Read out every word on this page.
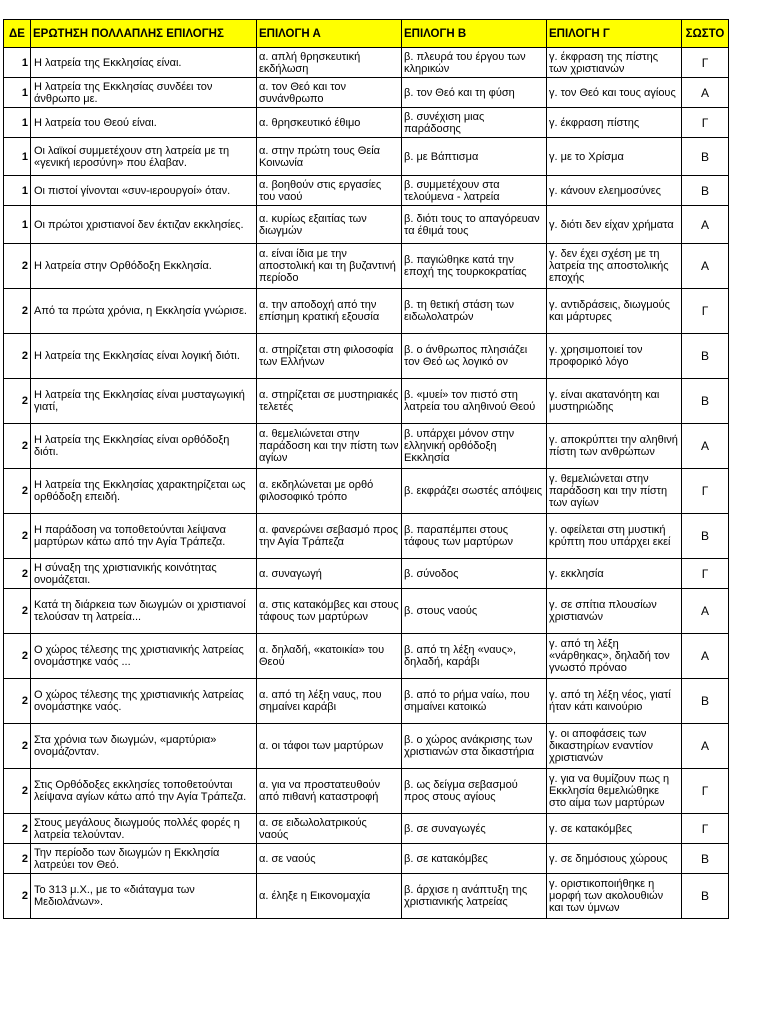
ΔΕ	ΕΡΩΤΗΣΗ ΠΟΛΛΑΠΛΗΣ ΕΠΙΛΟΓΗΣ	ΕΠΙΛΟΓΗ Α	ΕΠΙΛΟΓΗ Β	ΕΠΙΛΟΓΗ Γ	ΣΩΣΤΟ
1	Η λατρεία της Εκκλησίας είναι.	α. απλή θρησκευτική εκδήλωση	β. πλευρά του έργου των κληρικών	γ. έκφραση της πίστης των χριστιανών	Γ
1	Η λατρεία της Εκκλησίας συνδέει τον άνθρωπο με.	α. τον Θεό και τον συνάνθρωπο	β. τον Θεό και τη φύση	γ. τον Θεό και τους αγίους	Α
1	Η λατρεία του Θεού είναι.	α. θρησκευτικό έθιμο	β. συνέχιση μιας παράδοσης	γ. έκφραση πίστης	Γ
1	Οι λαϊκοί συμμετέχουν στη λατρεία με τη «γενική ιεροσύνη» που έλαβαν.	α. στην πρώτη τους Θεία Κοινωνία	β. με Βάπτισμα	γ. με το Χρίσμα	Β
1	Οι πιστοί γίνονται «συν-ιερουργοί» όταν.	α. βοηθούν στις εργασίες του ναού	β. συμμετέχουν στα τελούμενα - λατρεία	γ. κάνουν ελεημοσύνες	Β
1	Οι πρώτοι χριστιανοί δεν έκτιζαν εκκλησίες.	α. κυρίως εξαιτίας των διωγμών	β. διότι τους το απαγόρευαν τα έθιμά τους	γ. διότι δεν είχαν χρήματα	Α
2	Η λατρεία στην Ορθόδοξη Εκκλησία.	α. είναι ίδια με την αποστολική και τη βυζαντινή περίοδο	β. παγιώθηκε κατά την εποχή της τουρκοκρατίας	γ. δεν έχει σχέση με τη λατρεία της αποστολικής εποχής	Α
2	Από τα πρώτα χρόνια, η Εκκλησία γνώρισε.	α. την αποδοχή από την επίσημη κρατική εξουσία	β. τη θετική στάση των ειδωλολατρών	γ. αντιδράσεις, διωγμούς και μάρτυρες	Γ
2	Η λατρεία της Εκκλησίας είναι λογική διότι.	α. στηρίζεται στη φιλοσοφία των Ελλήνων	β. ο άνθρωπος πλησιάζει τον Θεό ως λογικό ον	γ. χρησιμοποιεί τον προφορικό λόγο	Β
2	Η λατρεία της Εκκλησίας είναι μυσταγωγική γιατί,	α. στηρίζεται σε μυστηριακές τελετές	β. «μυεί» τον πιστό στη λατρεία του αληθινού Θεού	γ. είναι ακατανόητη και μυστηριώδης	Β
2	Η λατρεία της Εκκλησίας είναι ορθόδοξη διότι.	α. θεμελιώνεται στην παράδοση και την πίστη των αγίων	β. υπάρχει μόνον στην ελληνική ορθόδοξη Εκκλησία	γ. αποκρύπτει την αληθινή πίστη των ανθρώπων	Α
2	Η λατρεία της Εκκλησίας χαρακτηρίζεται ως ορθόδοξη επειδή.	α. εκδηλώνεται με ορθό φιλοσοφικό τρόπο	β. εκφράζει σωστές απόψεις	γ. θεμελιώνεται στην παράδοση και την πίστη των αγίων	Γ
2	Η παράδοση να τοποθετούνται λείψανα μαρτύρων κάτω από την Αγία Τράπεζα.	α. φανερώνει σεβασμό προς την Αγία Τράπεζα	β. παραπέμπει στους τάφους των μαρτύρων	γ. οφείλεται στη μυστική κρύπτη που υπάρχει εκεί	Β
2	Η σύναξη της χριστιανικής κοινότητας ονομάζεται.	α. συναγωγή	β. σύνοδος	γ. εκκλησία	Γ
2	Κατά τη διάρκεια των διωγμών οι χριστιανοί τελούσαν τη λατρεία...	α. στις κατακόμβες και στους τάφους των μαρτύρων	β. στους ναούς	γ. σε σπίτια πλουσίων χριστιανών	Α
2	Ο χώρος τέλεσης της χριστιανικής λατρείας ονομάστηκε ναός ...	α. δηλαδή, «κατοικία» του Θεού	β. από τη λέξη «ναυς», δηλαδή, καράβι	γ. από τη λέξη «νάρθηκας», δηλαδή τον γνωστό πρόναο	Α
2	Ο χώρος τέλεσης της χριστιανικής λατρείας ονομάστηκε ναός.	α. από τη λέξη ναυς, που σημαίνει καράβι	β. από το ρήμα ναίω, που σημαίνει κατοικώ	γ. από τη λέξη νέος, γιατί ήταν κάτι καινούριο	Β
2	Στα χρόνια των διωγμών, «μαρτύρια» ονομάζονταν.	α. οι τάφοι των μαρτύρων	β. ο χώρος ανάκρισης των χριστιανών στα δικαστήρια	γ. οι αποφάσεις των δικαστηρίων εναντίον χριστιανών	Α
2	Στις Ορθόδοξες εκκλησίες τοποθετούνται λείψανα αγίων κάτω από την Αγία Τράπεζα.	α. για να προστατευθούν από πιθανή καταστροφή	β. ως δείγμα σεβασμού προς στους αγίους	γ. για να θυμίζουν πως η Εκκλησία θεμελιώθηκε στο αίμα των μαρτύρων	Γ
2	Στους μεγάλους διωγμούς πολλές φορές η λατρεία τελούνταν.	α. σε ειδωλολατρικούς ναούς	β. σε συναγωγές	γ. σε κατακόμβες	Γ
2	Την περίοδο των διωγμών η Εκκλησία λατρεύει τον Θεό.	α. σε ναούς	β. σε κατακόμβες	γ. σε δημόσιους χώρους	Β
2	Το 313 μ.Χ., με το «διάταγμα των Μεδιολάνων».	α. έληξε η Εικονομαχία	β. άρχισε η ανάπτυξη της χριστιανικής λατρείας	γ. οριστικοποιήθηκε η μορφή των ακολουθιών και των ύμνων	Β
